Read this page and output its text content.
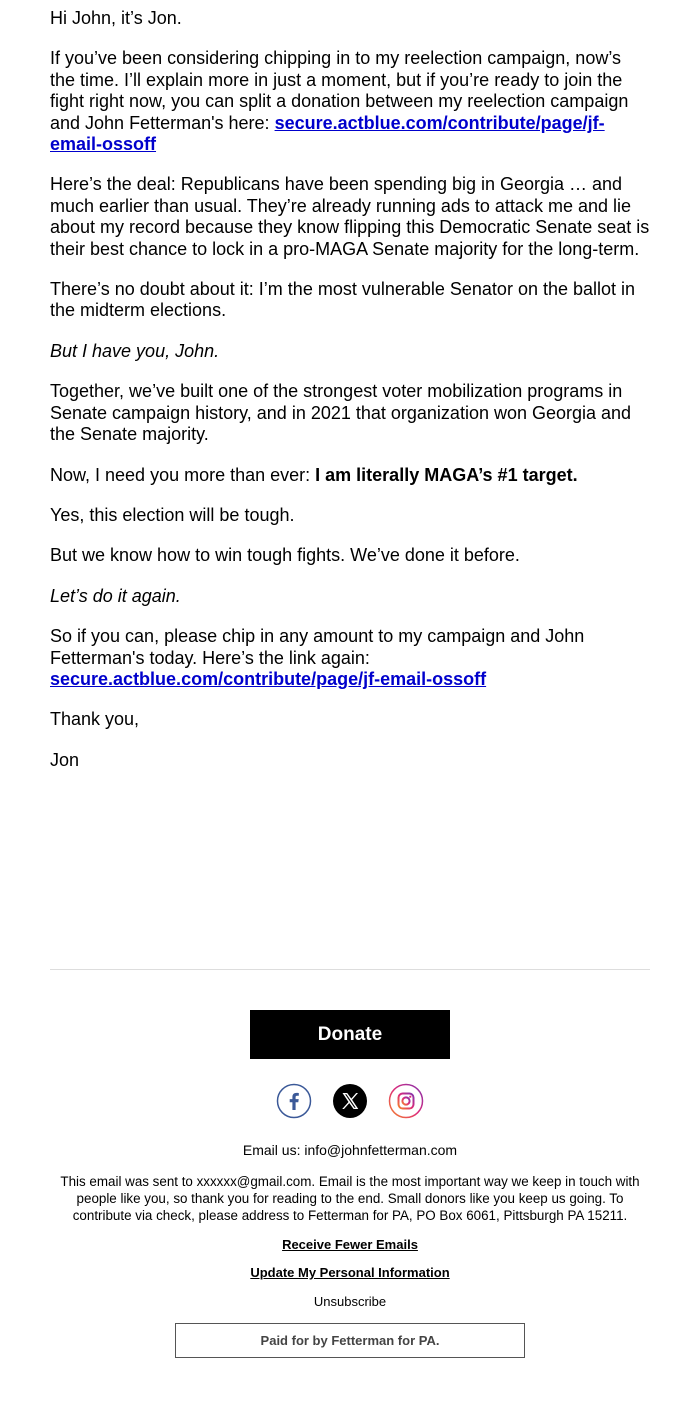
Hi John, it’s Jon.

If you’ve been considering chipping in to my reelection campaign, now’s the time. I’ll explain more in just a moment, but if you’re ready to join the fight right now, you can split a donation between my reelection campaign and John Fetterman's here: secure.actblue.com/contribute/page/jf-email-ossoff

Here’s the deal: Republicans have been spending big in Georgia … and much earlier than usual. They’re already running ads to attack me and lie about my record because they know flipping this Democratic Senate seat is their best chance to lock in a pro-MAGA Senate majority for the long-term.

There’s no doubt about it: I’m the most vulnerable Senator on the ballot in the midterm elections.

But I have you, John.

Together, we’ve built one of the strongest voter mobilization programs in Senate campaign history, and in 2021 that organization won Georgia and the Senate majority.

Now, I need you more than ever: I am literally MAGA’s #1 target.

Yes, this election will be tough.

But we know how to win tough fights. We’ve done it before.

Let’s do it again.

So if you can, please chip in any amount to my campaign and John Fetterman's today. Here’s the link again: secure.actblue.com/contribute/page/jf-email-ossoff

Thank you,

Jon

Donate
Email us: info@johnfetterman.com
This email was sent to xxxxxx@gmail.com. Email is the most important way we keep in touch with people like you, so thank you for reading to the end. Small donors like you keep us going. To contribute via check, please address to Fetterman for PA, PO Box 6061, Pittsburgh PA 15211.
Receive Fewer Emails
Update My Personal Information
Unsubscribe
Paid for by Fetterman for PA.
